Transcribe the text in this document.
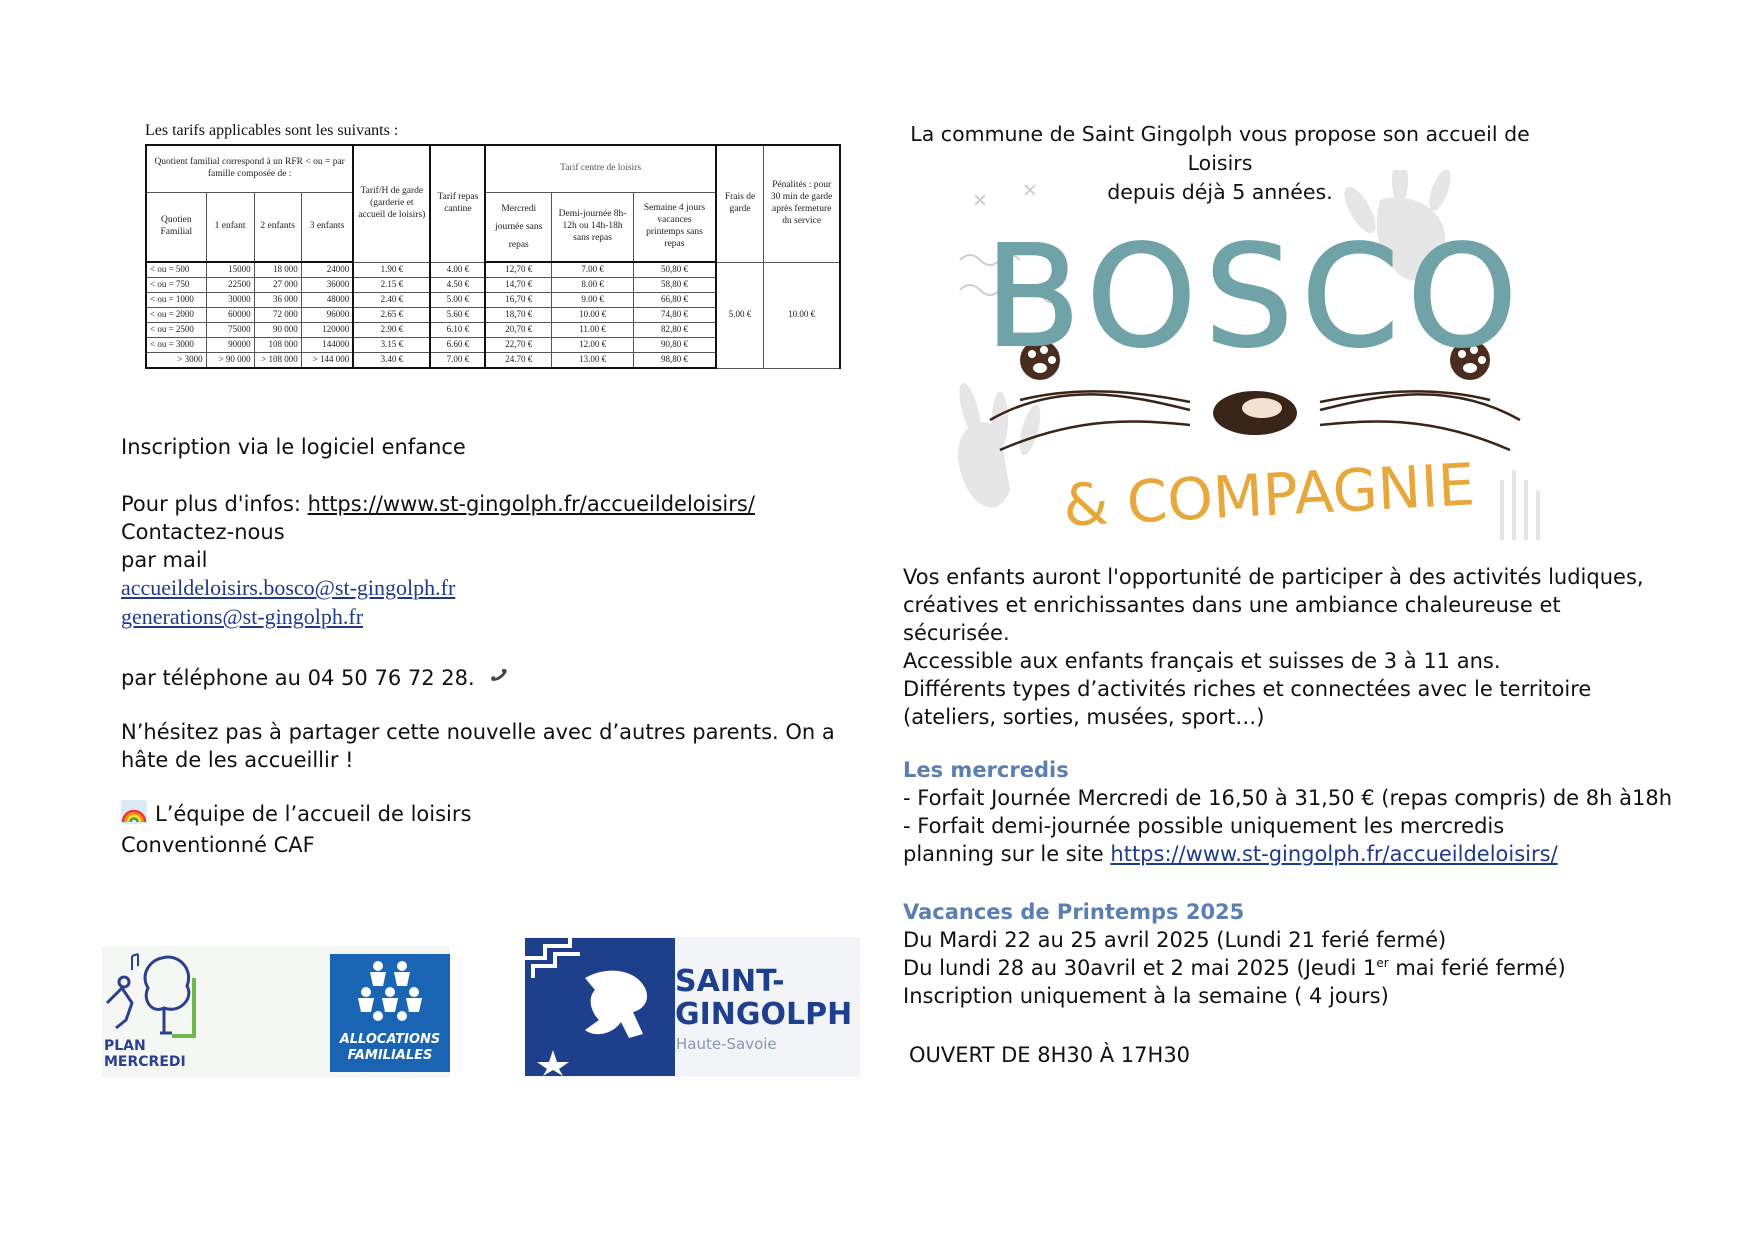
Les tarifs applicables sont les suivants :
Quotient familial correspond à un RFR < ou = par famille composée de :				Tarif/H de garde (garderie et accueil de loisirs)	Tarif repas cantine	Tarif centre de loisirs			Frais de garde	Pénalités : pour 30 min de garde après fermeture du service
Quotien Familial	1 enfant	2 enfants	3 enfants			Mercredi journée sans repas	Demi-journée 8h-12h ou 14h-18h sans repas	Semaine 4 jours vacances printemps sans repas		
< ou = 500	15000	18 000	24000	1.90 €	4.00 €	12,70 €	7.00 €	50,80 €	5.00 €	10.00 €
< ou = 750	22500	27 000	36000	2.15 €	4.50 €	14,70 €	8.00 €	58,80 €		
< ou = 1000	30000	36 000	48000	2.40 €	5.00 €	16,70 €	9.00 €	66,80 €		
< ou = 2000	60000	72 000	96000	2.65 €	5.60 €	18,70 €	10.00 €	74,80 €		
< ou = 2500	75000	90 000	120000	2.90 €	6.10 €	20,70 €	11.00 €	82,80 €		
< ou = 3000	90000	108 000	144000	3.15 €	6.60 €	22,70 €	12.00 €	90,80 €		
> 3000	> 90 000	> 108 000	> 144 000	3.40 €	7.00 €	24.70 €	13.00 €	98,80 €		
Inscription via le logiciel enfance
Pour plus d'infos: https://www.st-gingolph.fr/accueildeloisirs/
Contactez-nous
par mail
accueildeloisirs.bosco@st-gingolph.fr
generations@st-gingolph.fr
par téléphone au 04 50 76 72 28.
N’hésitez pas à partager cette nouvelle avec d’autres parents. On a
hâte de les accueillir !
L’équipe de l’accueil de loisirs
Conventionné CAF
PLAN
MERCREDI
ALLOCATIONS
FAMILIALES
SAINT-
GINGOLPH
Haute-Savoie
La commune de Saint Gingolph vous propose son accueil de Loisirs
depuis déjà 5 années.
BOSCO
& COMPAGNIE
Vos enfants auront l'opportunité de participer à des activités ludiques,
créatives et enrichissantes dans une ambiance chaleureuse et
sécurisée.
Accessible aux enfants français et suisses de 3 à 11 ans.
Différents types d’activités riches et connectées avec le territoire
(ateliers, sorties, musées, sport…)
Les mercredis
- Forfait Journée Mercredi de 16,50 à 31,50 € (repas compris) de 8h à18h
- Forfait demi-journée possible uniquement les mercredis
planning sur le site https://www.st-gingolph.fr/accueildeloisirs/
Vacances de Printemps 2025
Du Mardi 22 au 25 avril 2025 (Lundi 21 ferié fermé)
Du lundi 28 au 30avril et 2 mai 2025 (Jeudi 1er mai ferié fermé)
Inscription uniquement à la semaine ( 4 jours)
OUVERT DE 8H30 À 17H30
